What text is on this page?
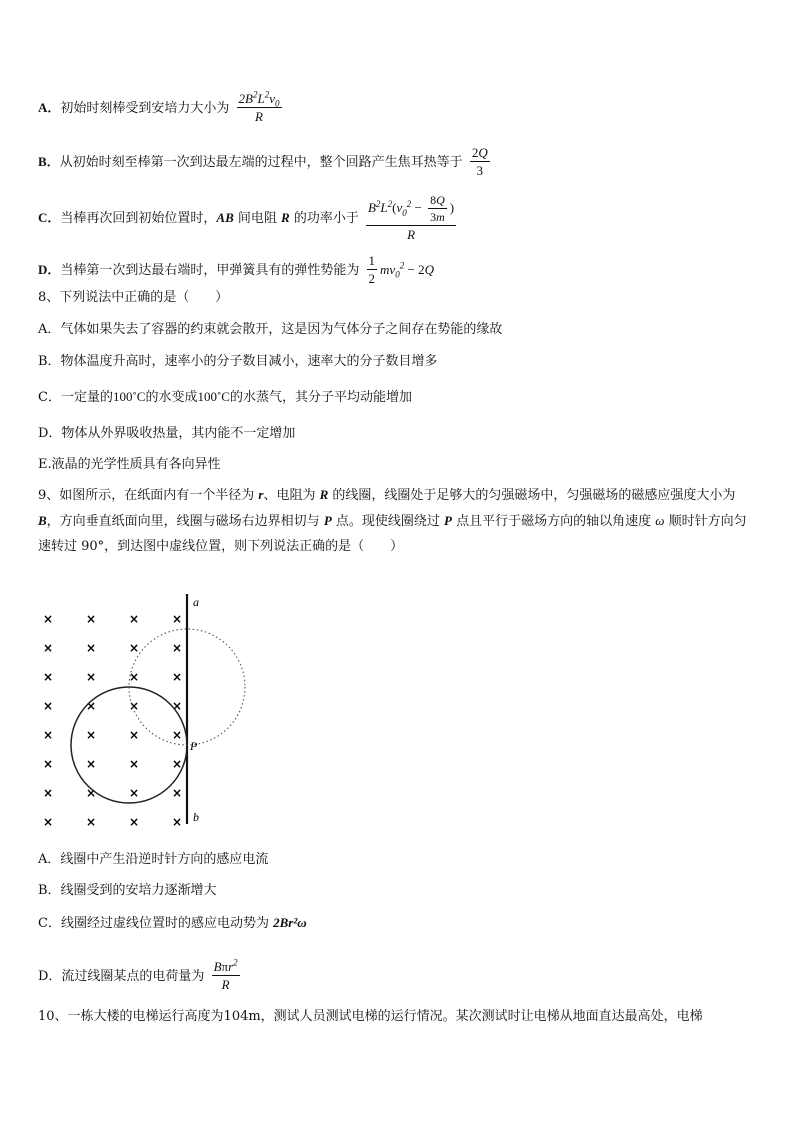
A．初始时刻棒受到安培力大小为 $\frac{2B^2L^2v_0}{R}$
B．从初始时刻至棒第一次到达最左端的过程中，整个回路产生焦耳热等于 $\frac{2Q}{3}$
C．当棒再次回到初始位置时，AB 间电阻 R 的功率小于 $\frac{B^2L^2(v_0^2 - \frac{8Q}{3m} )}{R}$
D．当棒第一次到达最右端时，甲弹簧具有的弹性势能为 $\frac{1}{2} mv_0^2 - 2Q$
8、下列说法中正确的是（　　）
A．气体如果失去了容器的约束就会散开，这是因为气体分子之间存在势能的缘故
B．物体温度升高时，速率小的分子数目减小，速率大的分子数目增多
C．一定量的100˚C的水变成100˚C的水蒸气，其分子平均动能增加
D．物体从外界吸收热量，其内能不一定增加
E.液晶的光学性质具有各向异性
9、如图所示，在纸面内有一个半径为 r、电阻为 R 的线圈，线圈处于足够大的匀强磁场中，匀强磁场的磁感应强度大小为 B，方向垂直纸面向里，线圈与磁场右边界相切与 P 点。现使线圈绕过 P 点且平行于磁场方向的轴以角速度 ω 顺时针方向匀速转过 90°，到达图中虚线位置，则下列说法正确的是（　　）
×	×	×	×
×	×	×	×
×	×	×	×
×	×	×	×
×	×	×	×
×	×	×	×
×	×	×	×
×	×	×	×
a
P
b
A．线圈中产生沿逆时针方向的感应电流
B．线圈受到的安培力逐渐增大
C．线圈经过虚线位置时的感应电动势为 2Br²ω
D．流过线圈某点的电荷量为 $\frac{B\pi r^2}{R}$
10、一栋大楼的电梯运行高度为104m，测试人员测试电梯的运行情况。某次测试时让电梯从地面直达最高处，电梯
